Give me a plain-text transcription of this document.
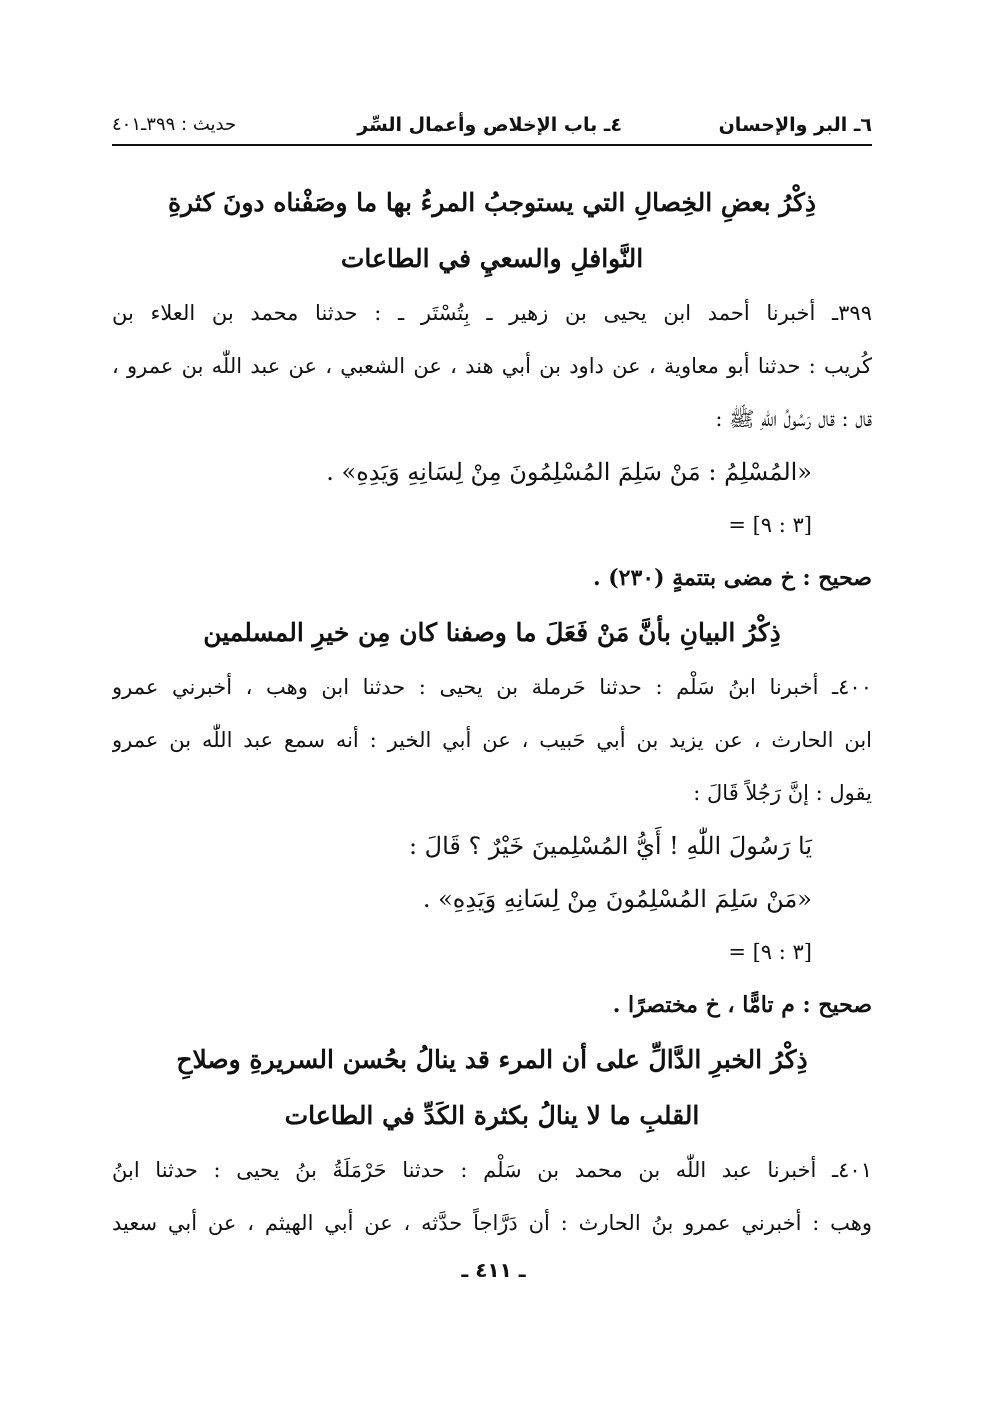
٦ـ البر والإحسان
٤ـ باب الإخلاص وأعمال السِّر
حديث : ٣٩٩ـ٤٠١
ذِكْرُ بعضِ الخِصالِ التي يستوجبُ المرءُ بها ما وصَفْناه دونَ كثرةِ
النَّوافلِ والسعيِ في الطاعات
٣٩٩ـ أخبرنا أحمد ابن يحيى بن زهير ـ بِتُسْتَر ـ : حدثنا محمد بن العلاء بن
كُريب : حدثنا أبو معاوية ، عن داود بن أبي هند ، عن الشعبي ، عن عبد اللّٰه بن عمرو ،
قال : قال رَسُولُ اللّٰهِ ﷺ :
«المُسْلِمُ : مَنْ سَلِمَ المُسْلِمُونَ مِنْ لِسَانِهِ وَيَدِهِ» .
= [٣ : ٩]
صحيح : خ مضى بتتمةٍ (٢٣٠) .
ذِكْرُ البيانِ بأنَّ مَنْ فَعَلَ ما وصفنا كان مِن خيرِ المسلمين
٤٠٠ـ أخبرنا ابنُ سَلْم : حدثنا حَرملة بن يحيى : حدثنا ابن وهب ، أخبرني عمرو
ابن الحارث ، عن يزيد بن أبي حَبيب ، عن أبي الخير : أنه سمع عبد اللّٰه بن عمرو
يقول : إنَّ رَجُلاً قَالَ :
يَا رَسُولَ اللّٰهِ ! أَيُّ المُسْلِمينَ خَيْرٌ ؟ قَالَ :
«مَنْ سَلِمَ المُسْلِمُونَ مِنْ لِسَانِهِ وَيَدِهِ» .
= [٣ : ٩]
صحيح : م تامًّا ، خ مختصرًا .
ذِكْرُ الخبرِ الدَّالِّ على أن المرء قد ينالُ بحُسن السريرةِ وصلاحِ
القلبِ ما لا ينالُ بكثرة الكَدِّ في الطاعات
٤٠١ـ أخبرنا عبد اللّٰه بن محمد بن سَلْم : حدثنا حَرْمَلَةُ بنُ يحيى : حدثنا ابنُ
وهب : أخبرني عمرو بنُ الحارث : أن دَرَّاجاً حدَّثه ، عن أبي الهيثم ، عن أبي سعيد
ـ ٤١١ ـ
